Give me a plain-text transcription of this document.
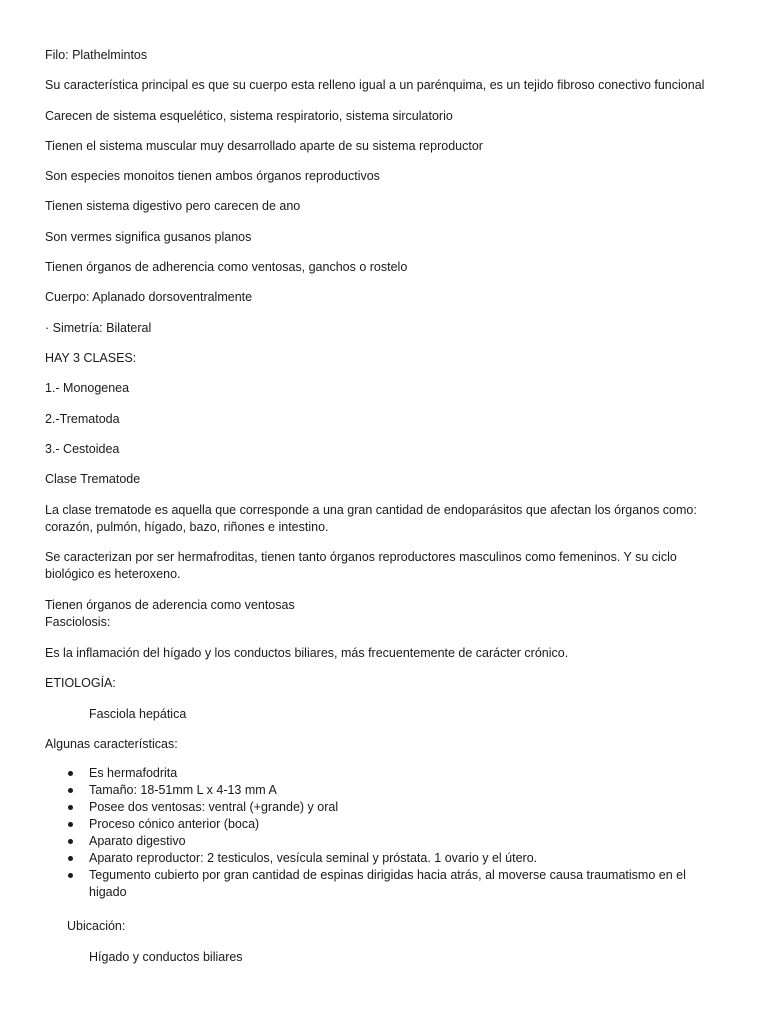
Filo: Plathelmintos
Su característica principal es que su cuerpo esta relleno igual a un parénquima, es un tejido fibroso conectivo funcional
Carecen de sistema esquelético, sistema respiratorio, sistema sirculatorio
Tienen el sistema muscular muy desarrollado aparte de su sistema reproductor
Son especies monoitos tienen ambos órganos reproductivos
Tienen sistema digestivo pero carecen de ano
Son vermes significa gusanos planos
Tienen órganos de adherencia como ventosas, ganchos o rostelo
Cuerpo: Aplanado dorsoventralmente
· Simetría: Bilateral
HAY 3 CLASES:
1.- Monogenea
2.-Trematoda
3.- Cestoidea
Clase Trematode
La clase trematode es aquella que corresponde a una gran cantidad de endoparásitos que afectan los órganos como: corazón, pulmón, hígado, bazo, riñones e intestino.
Se caracterizan por ser hermafroditas, tienen tanto órganos reproductores masculinos como femeninos. Y su ciclo biológico es heteroxeno.
Tienen órganos de aderencia como ventosas
Fasciolosis:
Es la inflamación del hígado y los conductos biliares, más frecuentemente de carácter crónico.
ETIOLOGÍA:
Fasciola hepática
Algunas características:
Es hermafodrita
Tamaño: 18-51mm L x 4-13 mm A
Posee dos ventosas: ventral (+grande) y oral
Proceso cónico anterior (boca)
Aparato digestivo
Aparato reproductor: 2 testiculos, vesícula seminal y próstata. 1 ovario y el útero.
Tegumento cubierto por gran cantidad de espinas dirigidas hacia atrás, al moverse causa traumatismo en el higado
Ubicación:
Hígado y conductos biliares
